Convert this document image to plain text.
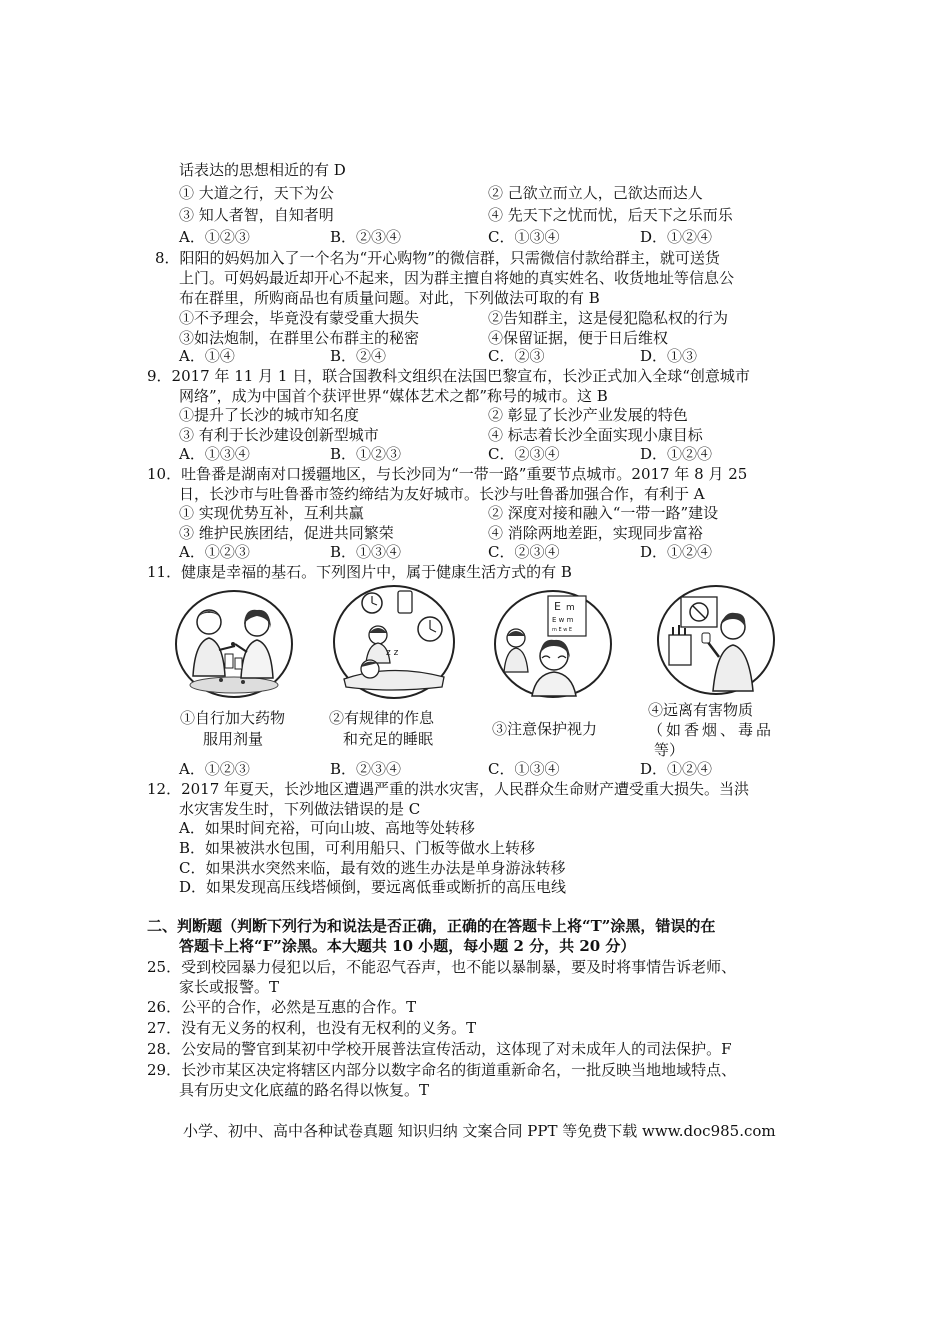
话表达的思想相近的有 D
① 大道之行，天下为公	② 己欲立而立人，己欲达而达人
③ 知人者智，自知者明	④ 先天下之忧而忧，后天下之乐而乐
A．①②③	B．②③④	C．①③④	D．①②④
8．阳阳的妈妈加入了一个名为“开心购物”的微信群，只需微信付款给群主，就可送货
上门。可妈妈最近却开心不起来，因为群主擅自将她的真实姓名、收货地址等信息公
布在群里，所购商品也有质量问题。对此，下列做法可取的有 B
①不予理会，毕竟没有蒙受重大损失	②告知群主，这是侵犯隐私权的行为
③如法炮制，在群里公布群主的秘密	④保留证据，便于日后维权
A．①④	B．②④	C．②③	D．①③
9．2017 年 11 月 1 日，联合国教科文组织在法国巴黎宣布，长沙正式加入全球“创意城市
网络”，成为中国首个获评世界“媒体艺术之都”称号的城市。这 B
①提升了长沙的城市知名度	② 彰显了长沙产业发展的特色
③ 有利于长沙建设创新型城市	④ 标志着长沙全面实现小康目标
A．①③④	B．①②③	C．②③④	D．①②④
10．吐鲁番是湖南对口援疆地区，与长沙同为“一带一路”重要节点城市。2017 年 8 月 25
日，长沙市与吐鲁番市签约缔结为友好城市。长沙与吐鲁番加强合作，有利于 A
① 实现优势互补，互利共赢	② 深度对接和融入“一带一路”建设
③ 维护民族团结，促进共同繁荣	④ 消除两地差距，实现同步富裕
A．①②③	B．①③④	C．②③④	D．①②④
11．健康是幸福的基石。下列图片中，属于健康生活方式的有 B
①自行加大药物
服用剂量
z z
②有规律的作息
和充足的睡眠
E m
E w m
m E w E
③注意保护视力
④远离有害物质
（如香烟、毒品
等）
A．①②③	B．②③④	C．①③④	D．①②④
12．2017 年夏天，长沙地区遭遇严重的洪水灾害，人民群众生命财产遭受重大损失。当洪
水灾害发生时，下列做法错误的是 C
A．如果时间充裕，可向山坡、高地等处转移
B．如果被洪水包围，可利用船只、门板等做水上转移
C．如果洪水突然来临，最有效的逃生办法是单身游泳转移
D．如果发现高压线塔倾倒，要远离低垂或断折的高压电线
二、判断题（判断下列行为和说法是否正确，正确的在答题卡上将“T”涂黑，错误的在
答题卡上将“F”涂黑。本大题共 10 小题，每小题 2 分，共 20 分）
25．受到校园暴力侵犯以后，不能忍气吞声，也不能以暴制暴，要及时将事情告诉老师、
家长或报警。T
26．公平的合作，必然是互惠的合作。T
27．没有无义务的权利，也没有无权利的义务。T
28．公安局的警官到某初中学校开展普法宣传活动，这体现了对未成年人的司法保护。F
29．长沙市某区决定将辖区内部分以数字命名的街道重新命名，一批反映当地地域特点、
具有历史文化底蕴的路名得以恢复。T
小学、初中、高中各种试卷真题 知识归纳 文案合同 PPT 等免费下载 www.doc985.com
